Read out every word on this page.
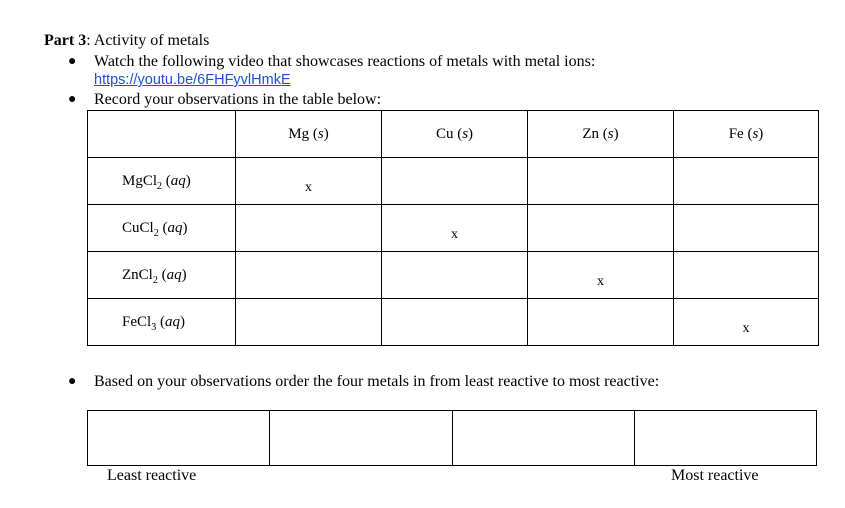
Part 3: Activity of metals
● Watch the following video that showcases reactions of metals with metal ions:
https://youtu.be/6FHFyvlHmkE
● Record your observations in the table below:
	Mg (s)	Cu (s)	Zn (s)	Fe (s)
MgCl$_2$ (aq)	x			
CuCl$_2$ (aq)		x		
ZnCl$_2$ (aq)			x	
FeCl$_3$ (aq)				x
● Based on your observations order the four metals in from least reactive to most reactive:

Least reactive	Most reactive
